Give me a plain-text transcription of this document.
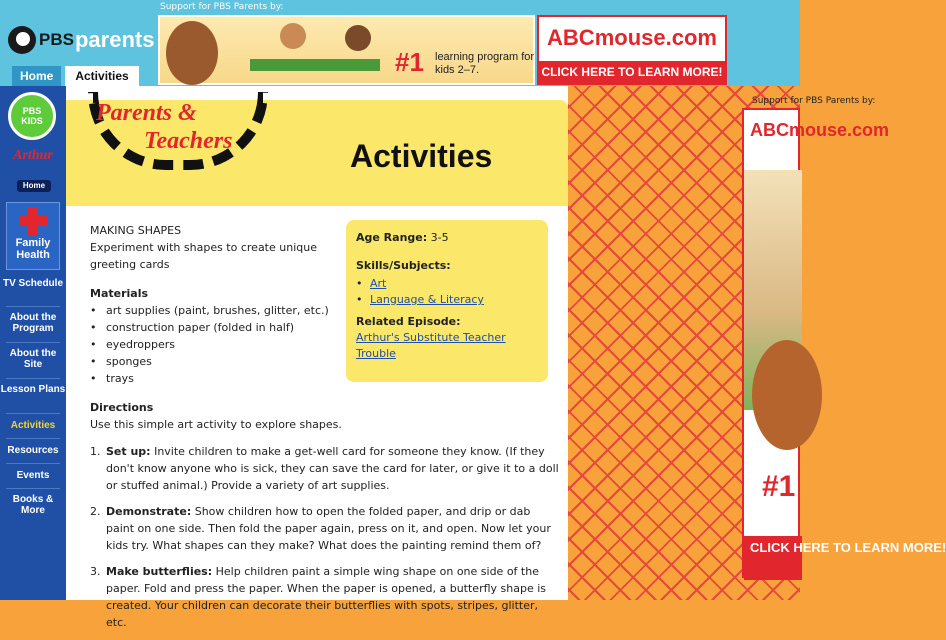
Support for PBS Parents by:
PBS parents
Home	Activities	#1 learning program for kids 2–7.
ABCmouse.com
CLICK HERE TO LEARN MORE!
PBS KIDS
Arthur
Home
Family Health
TV Schedule
About the Program
About the Site
Lesson Plans
Activities
Resources
Events
Books & More
Parents &
Teachers	Activities
MAKING SHAPES
Experiment with shapes to create unique greeting cards
Materials
• art supplies (paint, brushes, glitter, etc.)
• construction paper (folded in half)
• eyedroppers
• sponges
• trays
Directions
Use this simple art activity to explore shapes.
1. Set up: Invite children to make a get-well card for someone they know. (If they don't know anyone who is sick, they can save the card for later, or give it to a doll or stuffed animal.) Provide a variety of art supplies.
2. Demonstrate: Show children how to open the folded paper, and drip or dab paint on one side. Then fold the paper again, press on it, and open. Now let your kids try. What shapes can they make? What does the painting remind them of?
3. Make butterflies: Help children paint a simple wing shape on one side of the paper. Fold and press the paper. When the paper is opened, a butterfly shape is created. Your children can decorate their butterflies with spots, stripes, glitter, etc.
Age Range: 3-5
Skills/Subjects:
• Art
• Language & Literacy
Related Episode:
Arthur's Substitute Teacher Trouble
Support for PBS Parents by:
ABCmouse.com
#1
CLICK HERE TO LEARN MORE!
